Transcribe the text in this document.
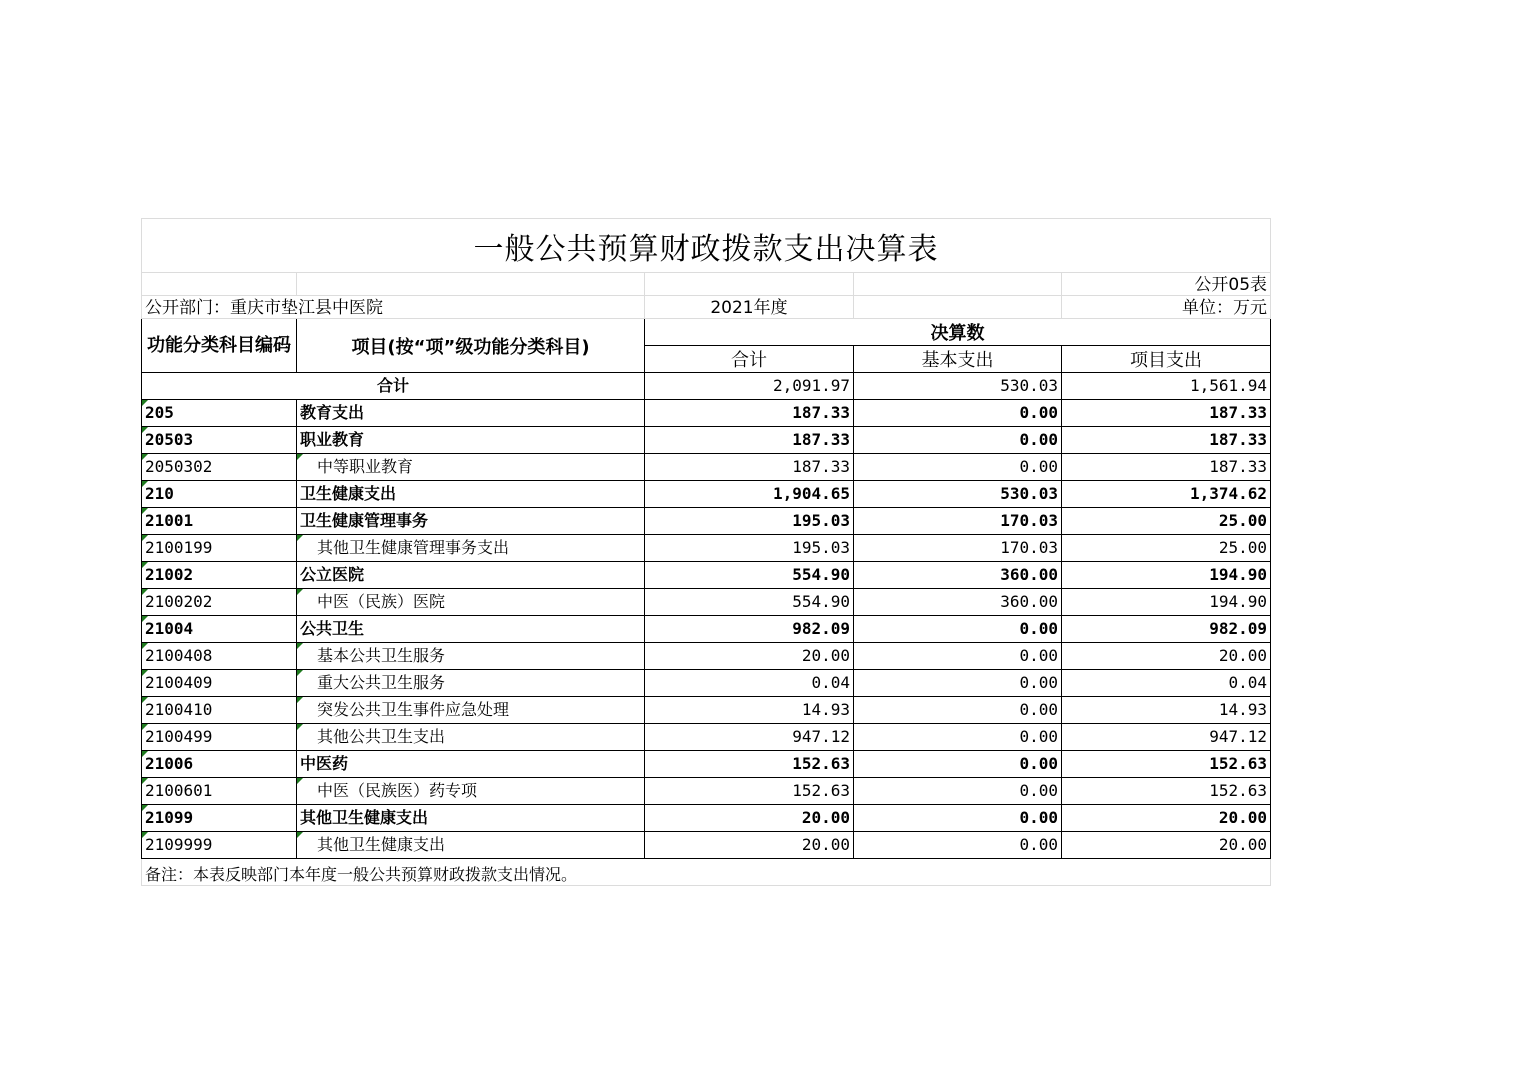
一般公共预算财政拨款支出决算表				
				公开05表
公开部门：重庆市垫江县中医院		2021年度		单位：万元
功能分类科目编码	项目(按“项”级功能分类科目)	决算数		
		合计	基本支出	项目支出
合计		2,091.97	530.03	1,561.94

205	教育支出	187.33	0.00	187.33

20503	职业教育	187.33	0.00	187.33

2050302	中等职业教育	187.33	0.00	187.33

210	卫生健康支出	1,904.65	530.03	1,374.62

21001	卫生健康管理事务	195.03	170.03	25.00

2100199	其他卫生健康管理事务支出	195.03	170.03	25.00

21002	公立医院	554.90	360.00	194.90

2100202	中医（民族）医院	554.90	360.00	194.90

21004	公共卫生	982.09	0.00	982.09

2100408	基本公共卫生服务	20.00	0.00	20.00

2100409	重大公共卫生服务	0.04	0.00	0.04

2100410	突发公共卫生事件应急处理	14.93	0.00	14.93

2100499	其他公共卫生支出	947.12	0.00	947.12

21006	中医药	152.63	0.00	152.63

2100601	中医（民族医）药专项	152.63	0.00	152.63

21099	其他卫生健康支出	20.00	0.00	20.00

2109999	其他卫生健康支出	20.00	0.00	20.00
备注：本表反映部门本年度一般公共预算财政拨款支出情况。				
